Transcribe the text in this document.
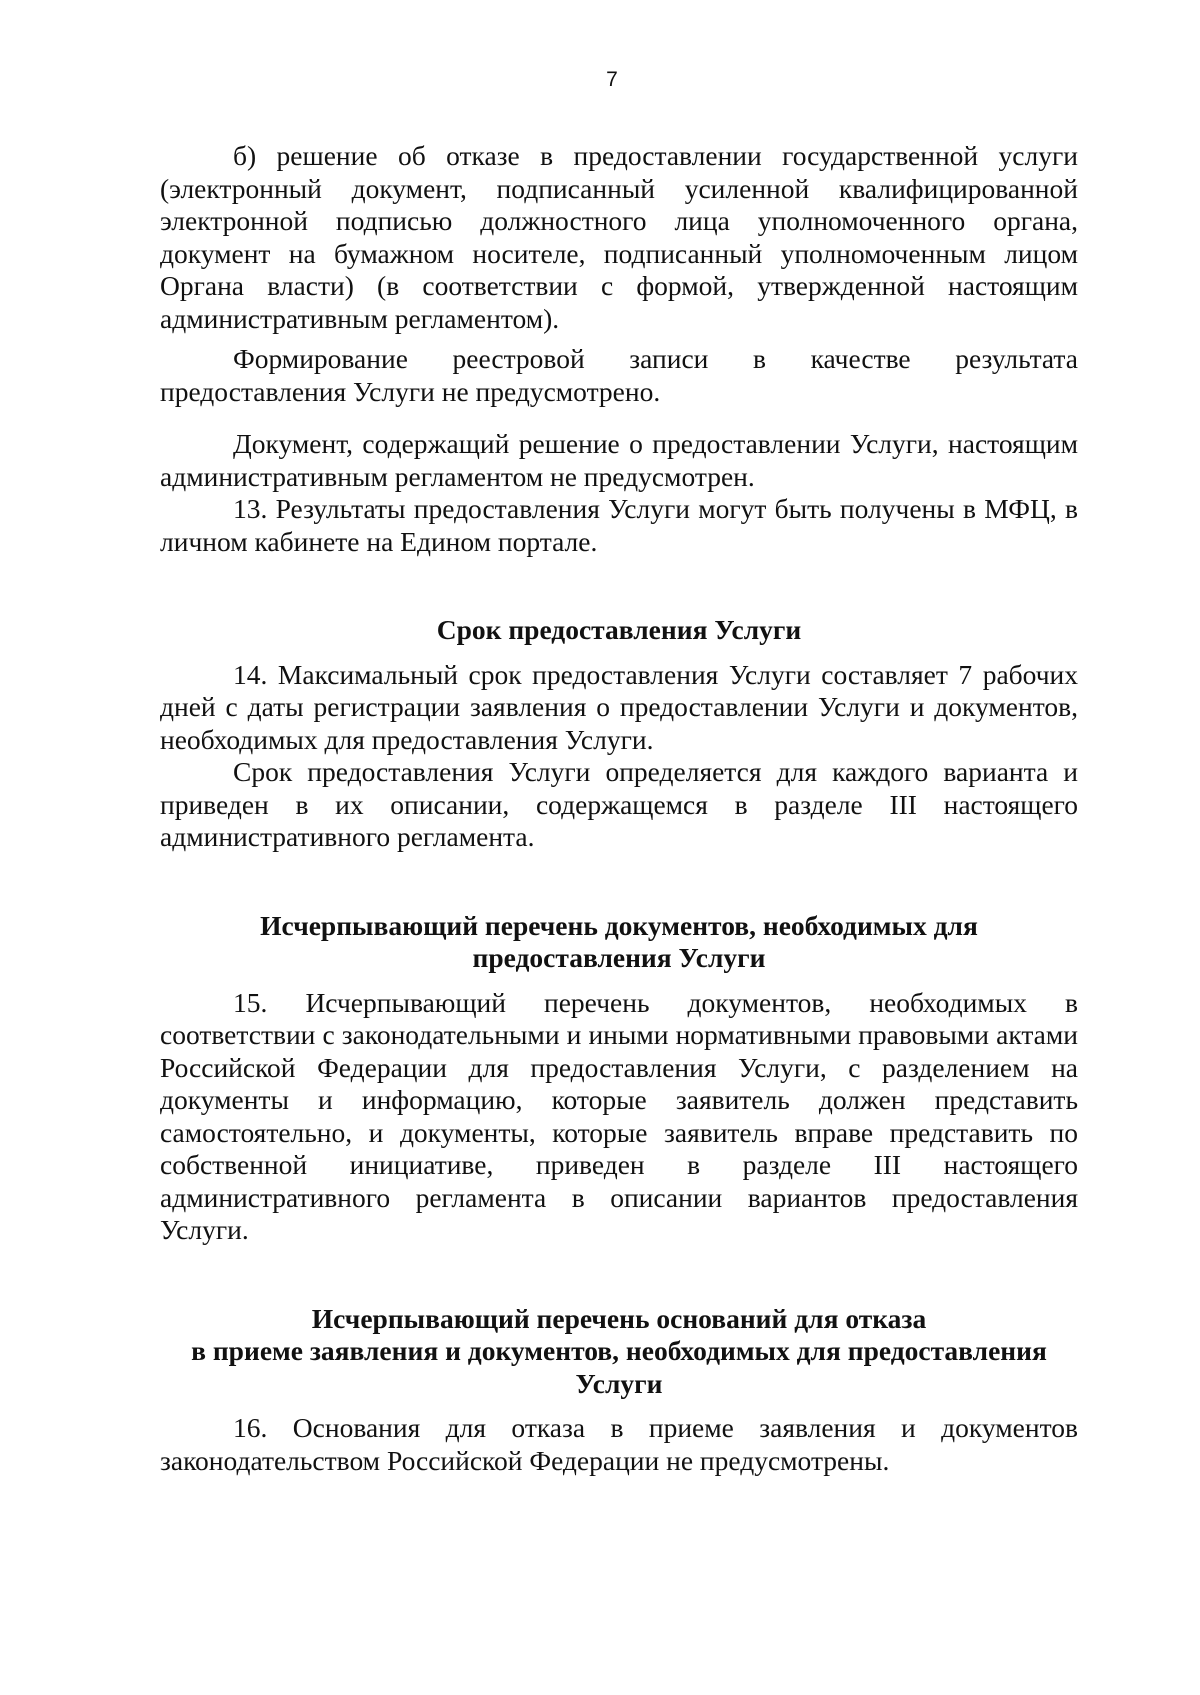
7

б) решение об отказе в предоставлении государственной услуги (электронный документ, подписанный усиленной квалифицированной электронной подписью должностного лица уполномоченного органа, документ на бумажном носителе, подписанный уполномоченным лицом Органа власти) (в соответствии с формой, утвержденной настоящим административным регламентом).

Формирование реестровой записи в качестве результата предоставления Услуги не предусмотрено.

Документ, содержащий решение о предоставлении Услуги, настоящим административным регламентом не предусмотрен.

13. Результаты предоставления Услуги могут быть получены в МФЦ, в личном кабинете на Едином портале.

Срок предоставления Услуги

14. Максимальный срок предоставления Услуги составляет 7 рабочих дней с даты регистрации заявления о предоставлении Услуги и документов, необходимых для предоставления Услуги.

Срок предоставления Услуги определяется для каждого варианта и приведен в их описании, содержащемся в разделе III настоящего административного регламента.

Исчерпывающий перечень документов, необходимых для
предоставления Услуги

15. Исчерпывающий перечень документов, необходимых в соответствии с законодательными и иными нормативными правовыми актами Российской Федерации для предоставления Услуги, с разделением на документы и информацию, которые заявитель должен представить самостоятельно, и документы, которые заявитель вправе представить по собственной инициативе, приведен в разделе III настоящего административного регламента в описании вариантов предоставления Услуги.

Исчерпывающий перечень оснований для отказа
в приеме заявления и документов, необходимых для предоставления
Услуги

16. Основания для отказа в приеме заявления и документов законодательством Российской Федерации не предусмотрены.
